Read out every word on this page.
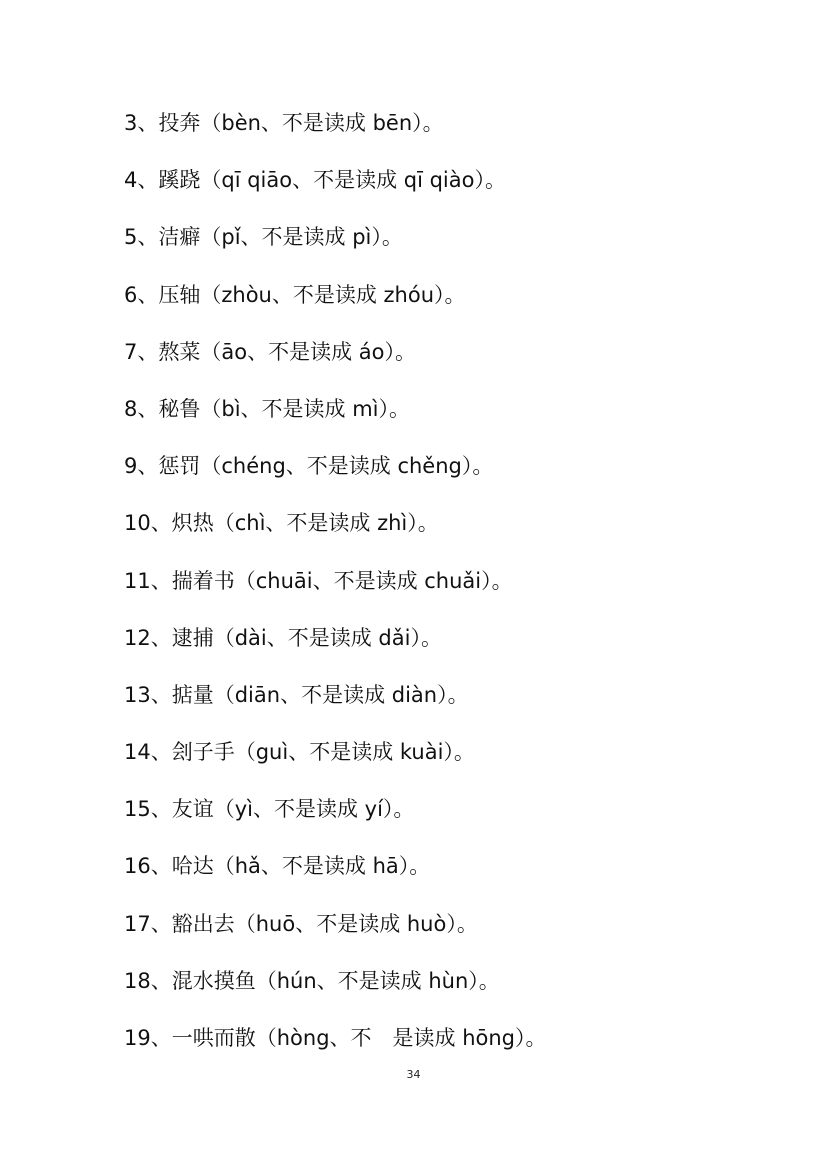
3、投奔（bèn、不是读成 bēn）。
4、蹊跷（qī qiāo、不是读成 qī qiào）。
5、洁癖（pǐ、不是读成 pì）。
6、压轴（zhòu、不是读成 zhóu）。
7、熬菜（āo、不是读成 áo）。
8、秘鲁（bì、不是读成 mì）。
9、惩罚（chéng、不是读成 chěng）。
10、炽热（chì、不是读成 zhì）。
11、揣着书（chuāi、不是读成 chuǎi）。
12、逮捕（dài、不是读成 dǎi）。
13、掂量（diān、不是读成 diàn）。
14、刽子手（guì、不是读成 kuài）。
15、友谊（yì、不是读成 yí）。
16、哈达（hǎ、不是读成 hā）。
17、豁出去（huō、不是读成 huò）。
18、混水摸鱼（hún、不是读成 hùn）。
19、一哄而散（hòng、不　是读成 hōng）。
34
